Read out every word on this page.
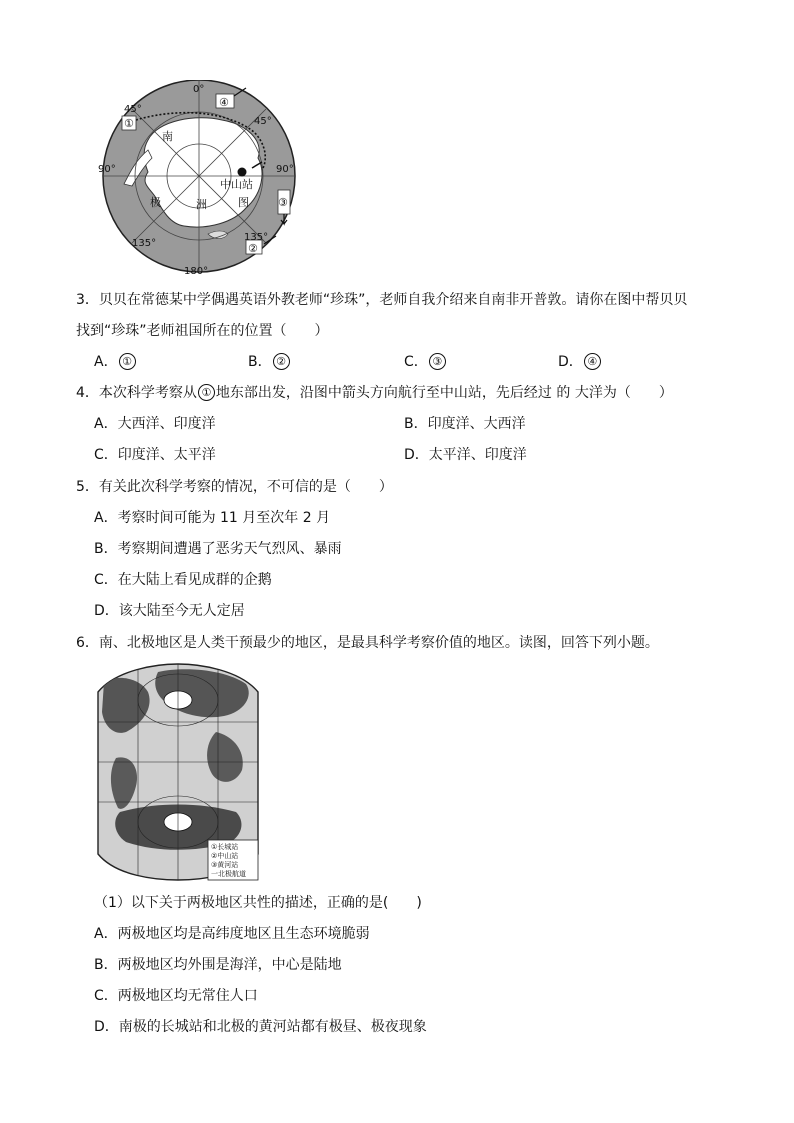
0°
45°
45°
90°	90°
135°
135°
180°
①
②
③
④
南
极
中山站
洲	图
3．贝贝在常德某中学偶遇英语外教老师“珍珠”，老师自我介绍来自南非开普敦。请你在图中帮贝贝
找到“珍珠”老师祖国所在的位置（　　）
A． ①	B． ②	C． ③	D． ④
4．本次科学考察从 ① 地东部出发，沿图中箭头方向航行至中山站，先后经过 的 大洋为（　　）
A．大西洋、印度洋	B．印度洋、大西洋
C．印度洋、太平洋	D．太平洋、印度洋
5．有关此次科学考察的情况，不可信的是（　　）
A．考察时间可能为 11 月至次年 2 月
B．考察期间遭遇了恶劣天气烈风、暴雨
C．在大陆上看见成群的企鹅
D．该大陆至今无人定居
6．南、北极地区是人类干预最少的地区，是最具科学考察价值的地区。读图，回答下列小题。
①长城站
②中山站
③黄河站
一北极航道
（1）以下关于两极地区共性的描述，正确的是(　　)
A．两极地区均是高纬度地区且生态环境脆弱
B．两极地区均外围是海洋，中心是陆地
C．两极地区均无常住人口
D．南极的长城站和北极的黄河站都有极昼、极夜现象
